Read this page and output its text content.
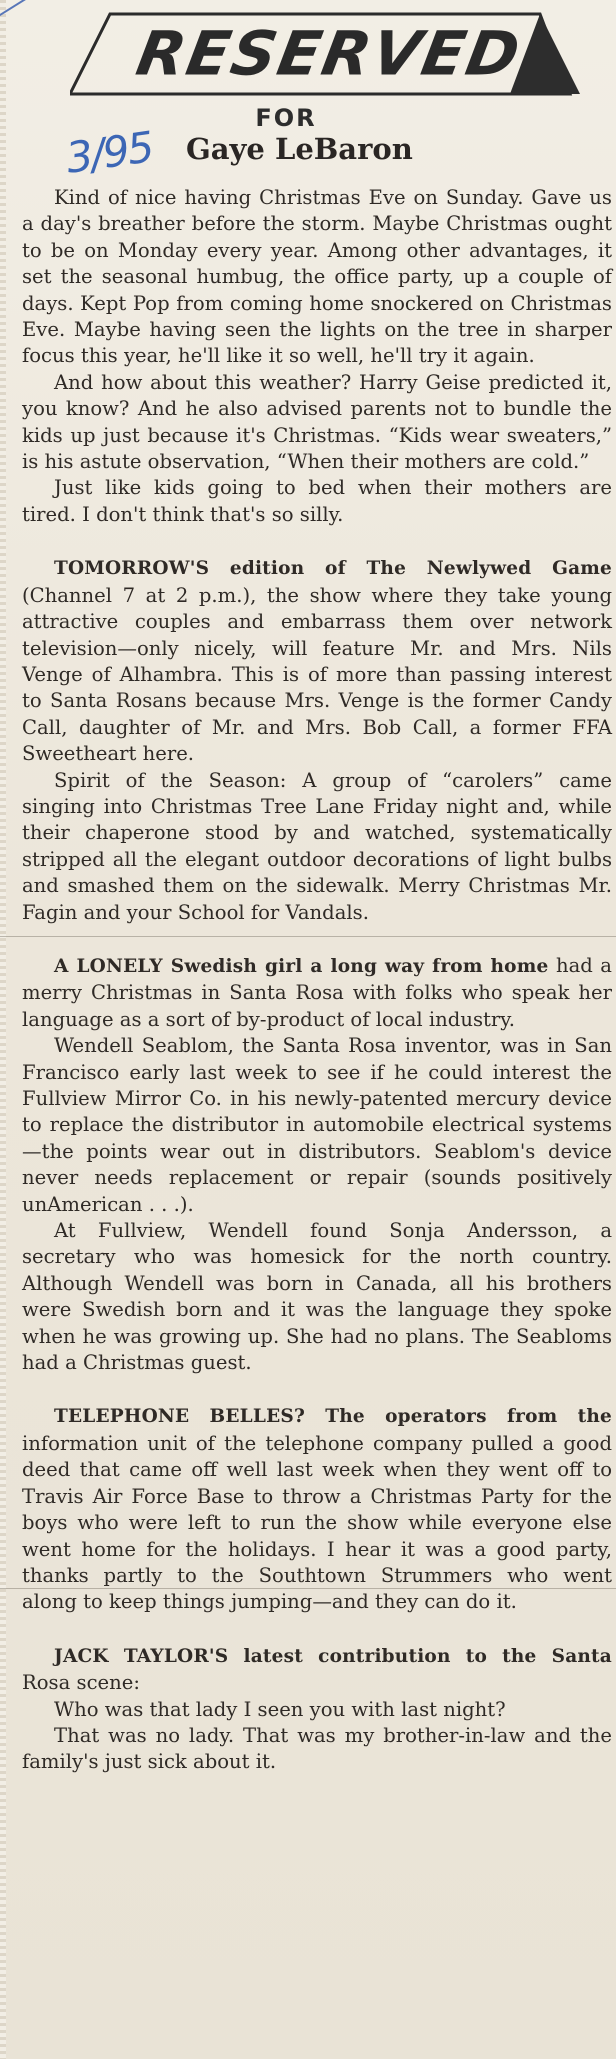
RESERVED
FOR
3/95 Gaye LeBaron

Kind of nice having Christmas Eve on Sunday. Gave us a day's breather before the storm. Maybe Christmas ought to be on Monday every year. Among other advantages, it set the seasonal humbug, the office party, up a couple of days. Kept Pop from coming home snockered on Christmas Eve. Maybe having seen the lights on the tree in sharper focus this year, he'll like it so well, he'll try it again.

And how about this weather? Harry Geise predicted it, you know? And he also advised parents not to bundle the kids up just because it's Christmas. “Kids wear sweaters,” is his astute observation, “When their mothers are cold.”

Just like kids going to bed when their mothers are tired. I don't think that's so silly.

TOMORROW'S edition of The Newlywed Game (Channel 7 at 2 p.m.), the show where they take young attractive couples and embarrass them over network television—only nicely, will feature Mr. and Mrs. Nils Venge of Alhambra. This is of more than passing interest to Santa Rosans because Mrs. Venge is the former Candy Call, daughter of Mr. and Mrs. Bob Call, a former FFA Sweetheart here.

Spirit of the Season: A group of “carolers” came singing into Christmas Tree Lane Friday night and, while their chaperone stood by and watched, systematically stripped all the elegant outdoor decorations of light bulbs and smashed them on the sidewalk. Merry Christmas Mr. Fagin and your School for Vandals.

A LONELY Swedish girl a long way from home had a merry Christmas in Santa Rosa with folks who speak her language as a sort of by-product of local industry.

Wendell Seablom, the Santa Rosa inventor, was in San Francisco early last week to see if he could interest the Fullview Mirror Co. in his newly-patented mercury device to replace the distributor in automobile electrical systems—the points wear out in distributors. Seablom's device never needs replacement or repair (sounds positively unAmerican . . .).

At Fullview, Wendell found Sonja Andersson, a secretary who was homesick for the north country. Although Wendell was born in Canada, all his brothers were Swedish born and it was the language they spoke when he was growing up. She had no plans. The Seabloms had a Christmas guest.

TELEPHONE BELLES? The operators from the information unit of the telephone company pulled a good deed that came off well last week when they went off to Travis Air Force Base to throw a Christmas Party for the boys who were left to run the show while everyone else went home for the holidays. I hear it was a good party, thanks partly to the Southtown Strummers who went along to keep things jumping—and they can do it.

JACK TAYLOR'S latest contribution to the Santa Rosa scene:

Who was that lady I seen you with last night?

That was no lady. That was my brother-in-law and the family's just sick about it.
